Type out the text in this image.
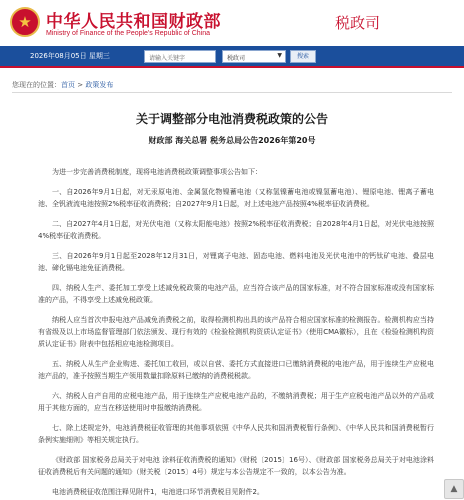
★
中华人民共和国财政部
Ministry of Finance of the People's Republic of China
税政司
2026年08月05日 星期三	请输入关键字	税政司	▼	搜索
您现在的位置：首页 > 政策发布
关于调整部分电池消费税政策的公告
财政部 海关总署 税务总局公告2026年第20号

为进一步完善消费税制度，现将电池消费税政策调整事项公告如下：

一、自2026年9月1日起，对无汞原电池、金属氢化物镍蓄电池（又称氢镍蓄电池或镍氢蓄电池）、锂原电池、锂离子蓄电池、全钒液流电池按照2%税率征收消费税；自2027年9月1日起，对上述电池产品按照4%税率征收消费税。

二、自2027年4月1日起，对光伏电池（又称太阳能电池）按照2%税率征收消费税；自2028年4月1日起，对光伏电池按照4%税率征收消费税。

三、自2026年9月1日起至2028年12月31日，对锂离子电池、固态电池、燃料电池及光伏电池中的钙钛矿电池、叠层电池、碲化镉电池免征消费税。

四、纳税人生产、委托加工享受上述减免税政策的电池产品，应当符合该产品的国家标准，对不符合国家标准或没有国家标准的产品，不得享受上述减免税政策。

纳税人应当首次申报电池产品减免消费税之前，取得检测机构出具的该产品符合相应国家标准的检测报告。检测机构应当持有省级及以上市场监督管理部门依法颁发、现行有效的《检验检测机构资质认定证书》（使用CMA徽标），且在《检验检测机构资质认定证书》附表中包括相应电池检测项目。

五、纳税人从生产企业购进、委托加工收回，或以自营、委托方式直接进口已缴纳消费税的电池产品，用于连续生产应税电池产品的，准予按照当期生产领用数量扣除原料已缴纳的消费税税款。

六、纳税人自产自用的应税电池产品，用于连续生产应税电池产品的，不缴纳消费税；用于生产应税电池产品以外的产品或用于其他方面的，应当在移送使用时申报缴纳消费税。

七、除上述规定外，电池消费税征收管理的其他事项依照《中华人民共和国消费税暂行条例》、《中华人民共和国消费税暂行条例实施细则》等相关规定执行。

《财政部 国家税务总局关于对电池 涂料征收消费税的通知》（财税〔2015〕16号）、《财政部 国家税务总局关于对电池涂料征收消费税后有关问题的通知》（财关税〔2015〕4号）规定与本公告规定不一致的，以本公告为准。

电池消费税征收范围注释见附件1，电池进口环节消费税目见附件2。	▲
